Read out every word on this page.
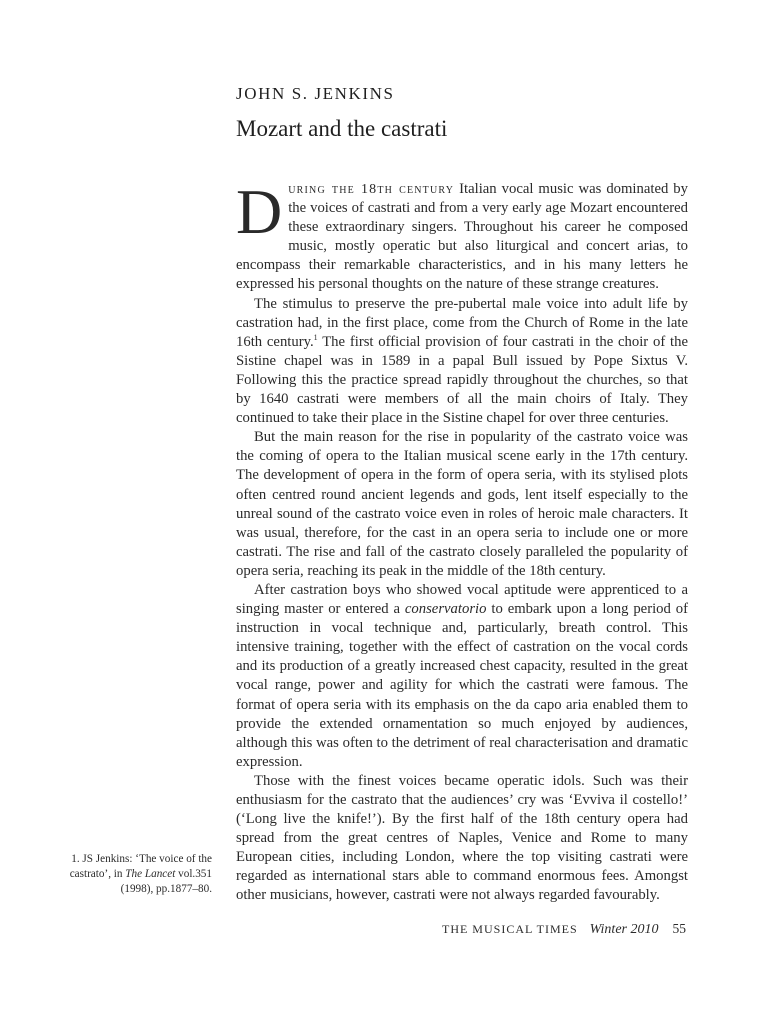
JOHN S. JENKINS
Mozart and the castrati

During the 18th century Italian vocal music was dominated by the voices of castrati and from a very early age Mozart encountered these extraordinary singers. Throughout his career he composed music, mostly operatic but also liturgical and concert arias, to encompass their remarkable characteristics, and in his many letters he expressed his personal thoughts on the nature of these strange creatures.

The stimulus to preserve the pre-pubertal male voice into adult life by castration had, in the first place, come from the Church of Rome in the late 16th century.$^1$ The first official provision of four castrati in the choir of the Sistine chapel was in 1589 in a papal Bull issued by Pope Sixtus V. Following this the practice spread rapidly throughout the churches, so that by 1640 castrati were members of all the main choirs of Italy. They continued to take their place in the Sistine chapel for over three centuries.

But the main reason for the rise in popularity of the castrato voice was the coming of opera to the Italian musical scene early in the 17th century. The development of opera in the form of opera seria, with its stylised plots often centred round ancient legends and gods, lent itself especially to the unreal sound of the castrato voice even in roles of heroic male characters. It was usual, therefore, for the cast in an opera seria to include one or more castrati. The rise and fall of the castrato closely paralleled the popularity of opera seria, reaching its peak in the middle of the 18th century.

After castration boys who showed vocal aptitude were apprenticed to a singing master or entered a conservatorio to embark upon a long period of instruction in vocal technique and, particularly, breath control. This intensive training, together with the effect of castration on the vocal cords and its production of a greatly increased chest capacity, resulted in the great vocal range, power and agility for which the castrati were famous. The format of opera seria with its emphasis on the da capo aria enabled them to provide the extended ornamentation so much enjoyed by audiences, although this was often to the detriment of real characterisation and dramatic expression.

Those with the finest voices became operatic idols. Such was their enthusiasm for the castrato that the audiences’ cry was ‘Evviva il costello!’ (‘Long live the knife!’). By the first half of the 18th century opera had spread from the great centres of Naples, Venice and Rome to many European cities, including London, where the top visiting castrati were regarded as international stars able to command enormous fees. Amongst other musicians, however, castrati were not always regarded favourably.

1. JS Jenkins: ‘The voice of the castrato’, in The Lancet vol.351 (1998), pp.1877–80.
THE MUSICAL TIMES Winter 2010 55
